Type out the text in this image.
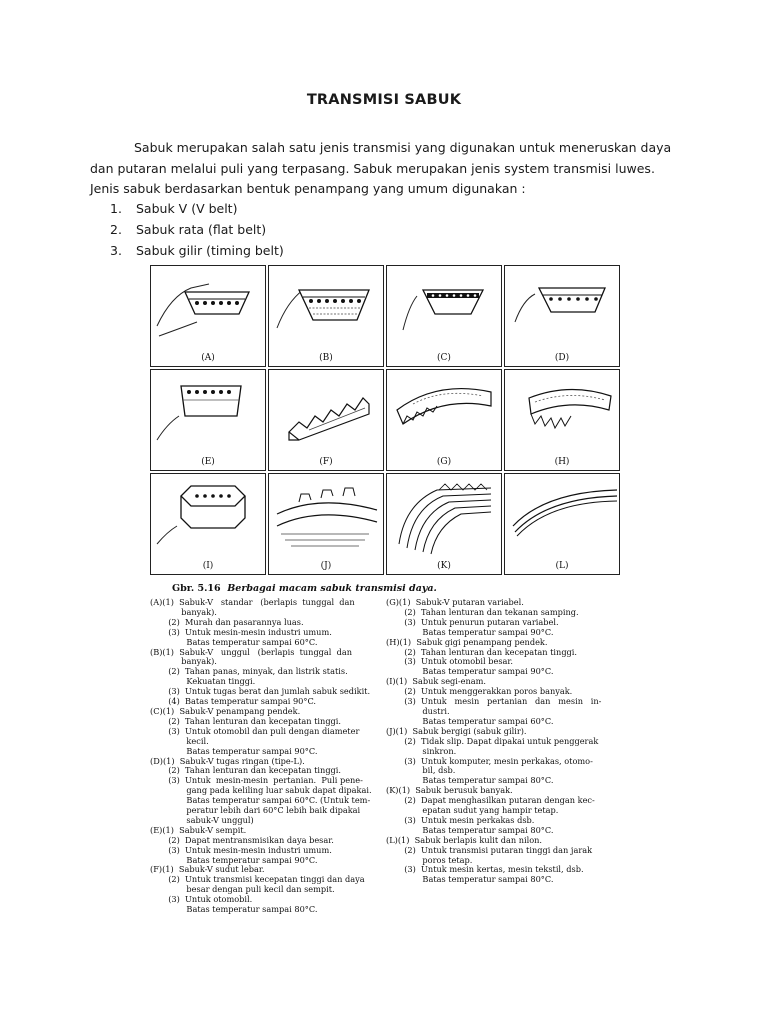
TRANSMISI SABUK

Sabuk merupakan salah satu jenis transmisi yang digunakan untuk meneruskan daya
dan putaran melalui puli yang terpasang. Sabuk merupakan jenis system transmisi luwes.
Jenis sabuk berdasarkan bentuk penampang yang umum digunakan :

1. Sabuk V (V belt)
2. Sabuk rata (flat belt)
3. Sabuk gilir (timing belt)
(A)	(B)	(C)	(D)
(E)	(F)	(G)	(H)
(I)	(J)	(K)	(L)
Gbr. 5.16 Berbagai macam sabuk transmisi daya.
(A)(1)  Sabuk-V   standar   (berlapis  tunggal  dan
banyak).
(2)  Murah dan pasarannya luas.
(3)  Untuk mesin-mesin industri umum.
Batas temperatur sampai 60°C.
(B)(1)  Sabuk-V   unggul   (berlapis  tunggal  dan
banyak).
(2)  Tahan panas, minyak, dan listrik statis.
Kekuatan tinggi.
(3)  Untuk tugas berat dan jumlah sabuk sedikit.
(4)  Batas temperatur sampai 90°C.
(C)(1)  Sabuk-V penampang pendek.
(2)  Tahan lenturan dan kecepatan tinggi.
(3)  Untuk otomobil dan puli dengan diameter
kecil.
Batas temperatur sampai 90°C.
(D)(1)  Sabuk-V tugas ringan (tipe-L).
(2)  Tahan lenturan dan kecepatan tinggi.
(3)  Untuk  mesin-mesin  pertanian.  Puli pene-
gang pada keliling luar sabuk dapat dipakai.
Batas temperatur sampai 60°C. (Untuk tem-
peratur lebih dari 60°C lebih baik dipakai
sabuk-V unggul)
(E)(1)  Sabuk-V sempit.
(2)  Dapat mentransmisikan daya besar.
(3)  Untuk mesin-mesin industri umum.
Batas temperatur sampai 90°C.
(F)(1)  Sabuk-V sudut lebar.
(2)  Untuk transmisi kecepatan tinggi dan daya
besar dengan puli kecil dan sempit.
(3)  Untuk otomobil.
Batas temperatur sampai 80°C.
(G)(1)  Sabuk-V putaran variabel.
(2)  Tahan lenturan dan tekanan samping.
(3)  Untuk penurun putaran variabel.
Batas temperatur sampai 90°C.
(H)(1)  Sabuk gigi penampang pendek.
(2)  Tahan lenturan dan kecepatan tinggi.
(3)  Untuk otomobil besar.
Batas temperatur sampai 90°C.
(I)(1)  Sabuk segi-enam.
(2)  Untuk menggerakkan poros banyak.
(3)  Untuk   mesin   pertanian   dan   mesin   in-
dustri.
Batas temperatur sampai 60°C.
(J)(1)  Sabuk bergigi (sabuk gilir).
(2)  Tidak slip. Dapat dipakai untuk penggerak
sinkron.
(3)  Untuk komputer, mesin perkakas, otomo-
bil, dsb.
Batas temperatur sampai 80°C.
(K)(1)  Sabuk berusuk banyak.
(2)  Dapat menghasilkan putaran dengan kec-
epatan sudut yang hampir tetap.
(3)  Untuk mesin perkakas dsb.
Batas temperatur sampai 80°C.
(L)(1)  Sabuk berlapis kulit dan nilon.
(2)  Untuk transmisi putaran tinggi dan jarak
poros tetap.
(3)  Untuk mesin kertas, mesin tekstil, dsb.
Batas temperatur sampai 80°C.
